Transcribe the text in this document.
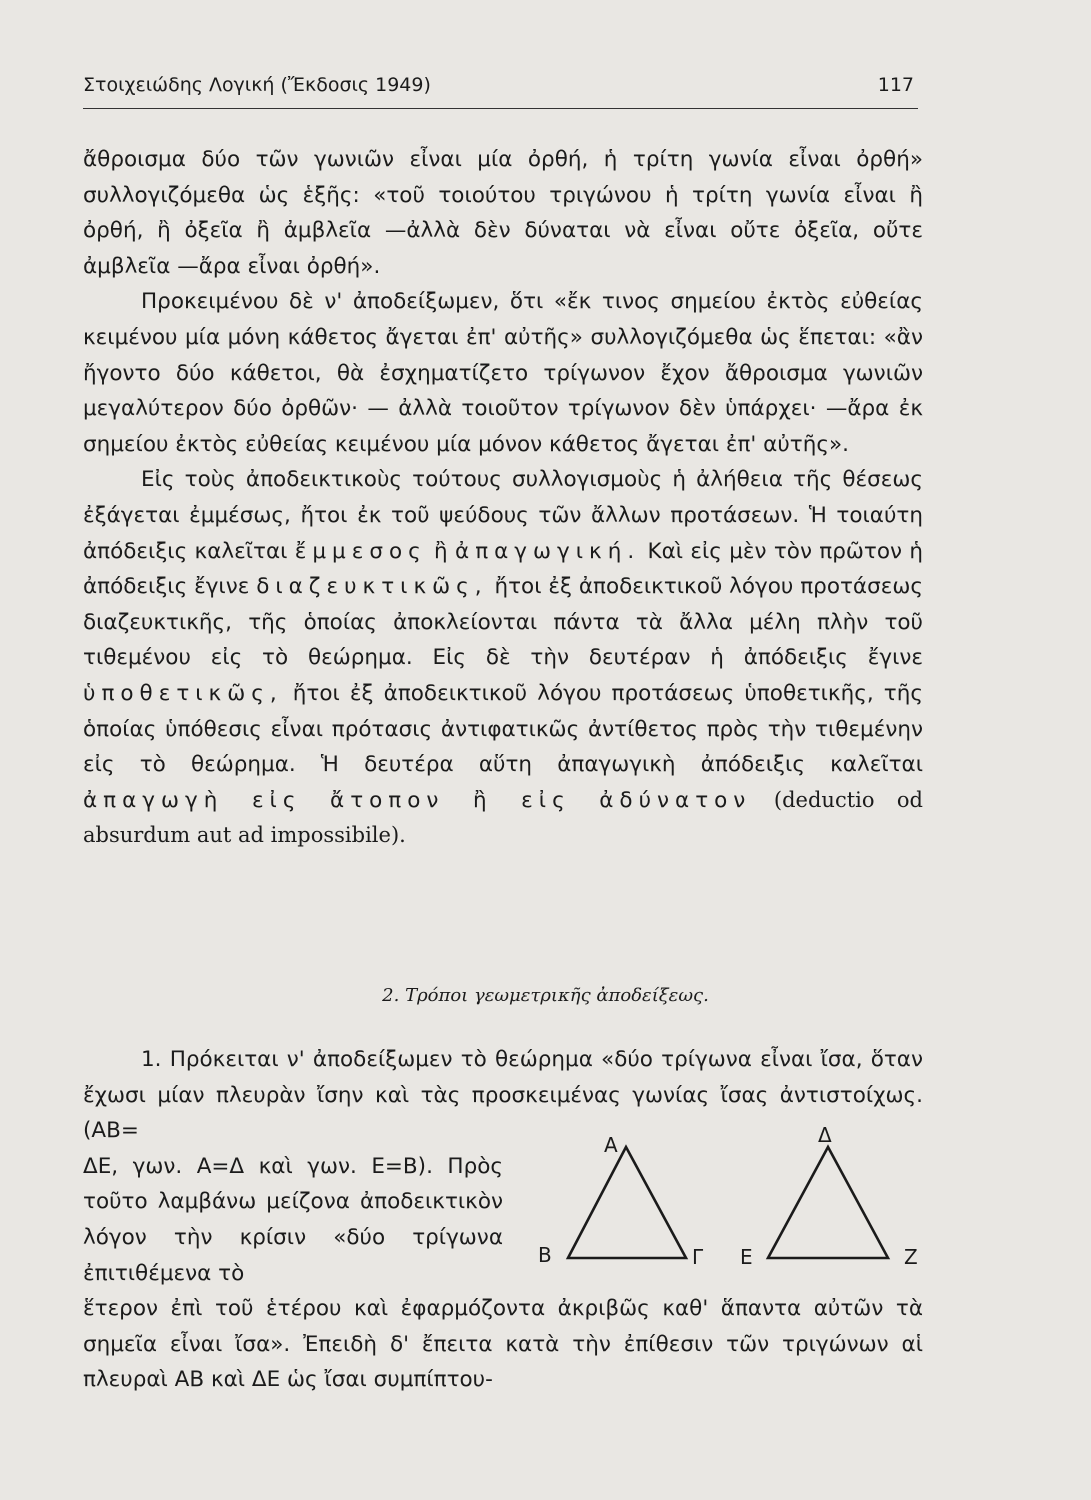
Στοιχειώδης Λογική (Ἔκδοσις 1949)	117

ἄθροισμα δύο τῶν γωνιῶν εἶναι μία ὀρθή, ἡ τρίτη γωνία εἶναι ὀρθή» συλλογιζόμεθα ὡς ἑξῆς: «τοῦ τοιούτου τριγώνου ἡ τρίτη γωνία εἶναι ἢ ὀρθή, ἢ ὀξεῖα ἢ ἀμβλεῖα —ἀλλὰ δὲν δύναται νὰ εἶναι οὔτε ὀξεῖα, οὔτε ἀμβλεῖα —ἄρα εἶναι ὀρθή».

Προκειμένου δὲ ν' ἀποδείξωμεν, ὅτι «ἔκ τινος σημείου ἐκτὸς εὐθείας κειμένου μία μόνη κάθετος ἄγεται ἐπ' αὐτῆς» συλλογιζόμεθα ὡς ἕπεται: «ἂν ἤγοντο δύο κάθετοι, θὰ ἐσχηματίζετο τρίγωνον ἔχον ἄθροισμα γωνιῶν μεγαλύτερον δύο ὀρθῶν· — ἀλλὰ τοιοῦτον τρίγωνον δὲν ὑπάρχει· —ἄρα ἐκ σημείου ἐκτὸς εὐθείας κειμένου μία μόνον κάθετος ἄγεται ἐπ' αὐτῆς».

Εἰς τοὺς ἀποδεικτικοὺς τούτους συλλογισμοὺς ἡ ἀλήθεια τῆς θέσεως ἐξάγεται ἐμμέσως, ἤτοι ἐκ τοῦ ψεύδους τῶν ἄλλων προτάσεων. Ἡ τοιαύτη ἀπόδειξις καλεῖται ἔμμεσος ἢ ἀπαγωγική. Καὶ εἰς μὲν τὸν πρῶτον ἡ ἀπόδειξις ἔγινε διαζευκτικῶς, ἤτοι ἐξ ἀποδεικτικοῦ λόγου προτάσεως διαζευκτικῆς, τῆς ὁποίας ἀποκλείονται πάντα τὰ ἄλλα μέλη πλὴν τοῦ τιθεμένου εἰς τὸ θεώρημα. Εἰς δὲ τὴν δευτέραν ἡ ἀπόδειξις ἔγινε ὑποθετικῶς, ἤτοι ἐξ ἀποδεικτικοῦ λόγου προτάσεως ὑποθετικῆς, τῆς ὁποίας ὑπόθεσις εἶναι πρότασις ἀντιφατικῶς ἀντίθετος πρὸς τὴν τιθεμένην εἰς τὸ θεώρημα. Ἡ δευτέρα αὕτη ἀπαγωγικὴ ἀπόδειξις καλεῖται ἀπαγωγὴ εἰς ἄτοπον ἢ εἰς ἀδύνατον (deductio od absurdum aut ad impossibile).

2. Τρόποι γεωμετρικῆς ἀποδείξεως.

1. Πρόκειται ν' ἀποδείξωμεν τὸ θεώρημα «δύο τρίγωνα εἶναι ἴσα, ὅταν ἔχωσι μίαν πλευρὰν ἴσην καὶ τὰς προσκειμένας γωνίας ἴσας ἀντιστοίχως. (ΑΒ=

ΔΕ, γων. Α=Δ καὶ γων. Ε=Β). Πρὸς τοῦτο λαμβάνω μείζονα ἀποδεικτικὸν λόγον τὴν κρίσιν «δύο τρίγωνα ἐπιτιθέμενα τὸ

ἕτερον ἐπὶ τοῦ ἑτέρου καὶ ἐφαρμόζοντα ἀκριβῶς καθ' ἅπαντα αὐτῶν τὰ σημεῖα εἶναι ἴσα». Ἐπειδὴ δ' ἔπειτα κατὰ τὴν ἐπίθεσιν τῶν τριγώνων αἱ πλευραὶ ΑΒ καὶ ΔΕ ὡς ἴσαι συμπίπτου-

Α
Β	Γ
Δ
Ε	Ζ
